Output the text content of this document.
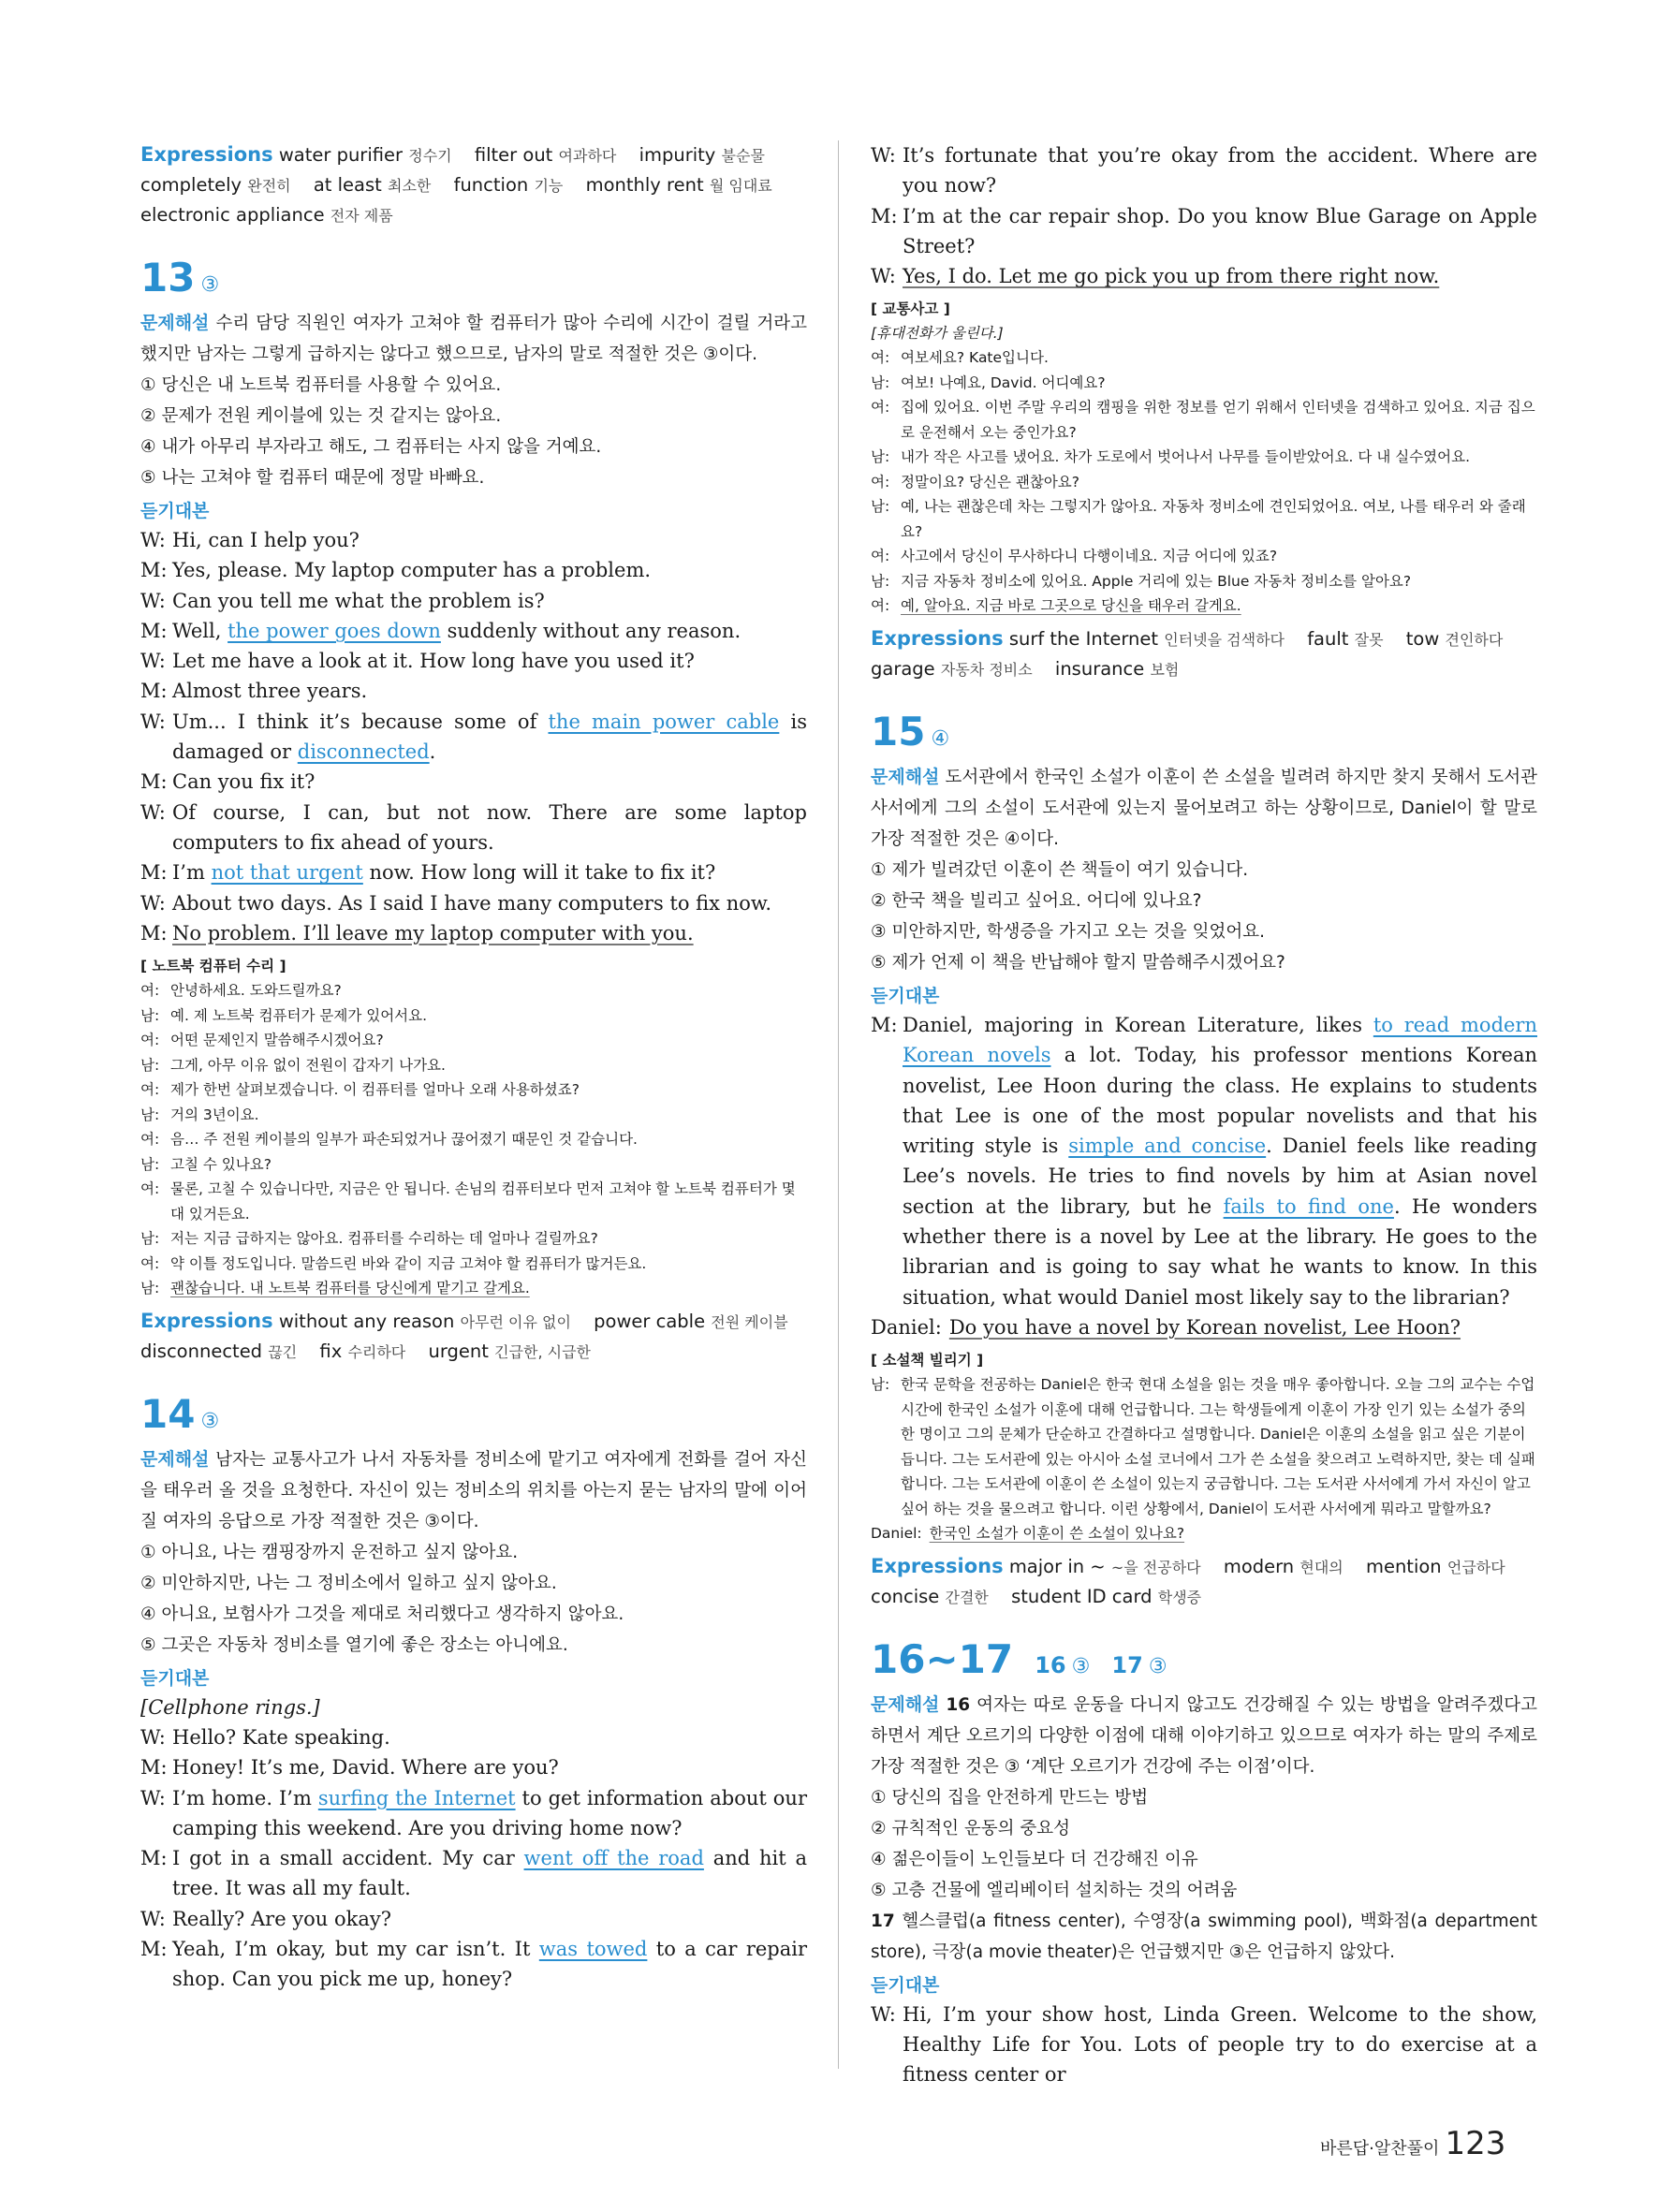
Expressions water purifier 정수기 filter out 여과하다 impurity 불순물 completely 완전히 at least 최소한 function 기능 monthly rent 월 임대료 electronic appliance 전자 제품
13 ③

문제해설 수리 담당 직원인 여자가 고쳐야 할 컴퓨터가 많아 수리에 시간이 걸릴 거라고 했지만 남자는 그렇게 급하지는 않다고 했으므로, 남자의 말로 적절한 것은 ③이다.

① 당신은 내 노트북 컴퓨터를 사용할 수 있어요.

② 문제가 전원 케이블에 있는 것 같지는 않아요.

④ 내가 아무리 부자라고 해도, 그 컴퓨터는 사지 않을 거예요.

⑤ 나는 고쳐야 할 컴퓨터 때문에 정말 바빠요.

듣기대본
W: Hi, can I help you?
M: Yes, please. My laptop computer has a problem.
W: Can you tell me what the problem is?
M: Well, the power goes down suddenly without any reason.
W: Let me have a look at it. How long have you used it?
M: Almost three years.
W: Um... I think it’s because some of the main power cable is damaged or disconnected.
M: Can you fix it?
W: Of course, I can, but not now. There are some laptop computers to fix ahead of yours.
M: I’m not that urgent now. How long will it take to fix it?
W: About two days. As I said I have many computers to fix now.
M: No problem. I’ll leave my laptop computer with you.
[ 노트북 컴퓨터 수리 ]
여: 안녕하세요. 도와드릴까요?
남: 예. 제 노트북 컴퓨터가 문제가 있어서요.
여: 어떤 문제인지 말씀해주시겠어요?
남: 그게, 아무 이유 없이 전원이 갑자기 나가요.
여: 제가 한번 살펴보겠습니다. 이 컴퓨터를 얼마나 오래 사용하셨죠?
남: 거의 3년이요.
여: 음… 주 전원 케이블의 일부가 파손되었거나 끊어졌기 때문인 것 같습니다.
남: 고칠 수 있나요?
여: 물론, 고칠 수 있습니다만, 지금은 안 됩니다. 손님의 컴퓨터보다 먼저 고쳐야 할 노트북 컴퓨터가 몇 대 있거든요.
남: 저는 지금 급하지는 않아요. 컴퓨터를 수리하는 데 얼마나 걸릴까요?
여: 약 이틀 정도입니다. 말씀드린 바와 같이 지금 고쳐야 할 컴퓨터가 많거든요.
남: 괜찮습니다. 내 노트북 컴퓨터를 당신에게 맡기고 갈게요.
Expressions without any reason 아무런 이유 없이 power cable 전원 케이블 disconnected 끊긴 fix 수리하다 urgent 긴급한, 시급한
14 ③

문제해설 남자는 교통사고가 나서 자동차를 정비소에 맡기고 여자에게 전화를 걸어 자신을 태우러 올 것을 요청한다. 자신이 있는 정비소의 위치를 아는지 묻는 남자의 말에 이어질 여자의 응답으로 가장 적절한 것은 ③이다.

① 아니요, 나는 캠핑장까지 운전하고 싶지 않아요.

② 미안하지만, 나는 그 정비소에서 일하고 싶지 않아요.

④ 아니요, 보험사가 그것을 제대로 처리했다고 생각하지 않아요.

⑤ 그곳은 자동차 정비소를 열기에 좋은 장소는 아니에요.

듣기대본
[Cellphone rings.]
W: Hello? Kate speaking.
M: Honey! It’s me, David. Where are you?
W: I’m home. I’m surfing the Internet to get information about our camping this weekend. Are you driving home now?
M: I got in a small accident. My car went off the road and hit a tree. It was all my fault.
W: Really? Are you okay?
M: Yeah, I’m okay, but my car isn’t. It was towed to a car repair shop. Can you pick me up, honey?
W: It’s fortunate that you’re okay from the accident. Where are you now?
M: I’m at the car repair shop. Do you know Blue Garage on Apple Street?
W: Yes, I do. Let me go pick you up from there right now.
[ 교통사고 ]
[휴대전화가 울린다.]
여: 여보세요? Kate입니다.
남: 여보! 나예요, David. 어디예요?
여: 집에 있어요. 이번 주말 우리의 캠핑을 위한 정보를 얻기 위해서 인터넷을 검색하고 있어요. 지금 집으로 운전해서 오는 중인가요?
남: 내가 작은 사고를 냈어요. 차가 도로에서 벗어나서 나무를 들이받았어요. 다 내 실수였어요.
여: 정말이요? 당신은 괜찮아요?
남: 예, 나는 괜찮은데 차는 그렇지가 않아요. 자동차 정비소에 견인되었어요. 여보, 나를 태우러 와 줄래요?
여: 사고에서 당신이 무사하다니 다행이네요. 지금 어디에 있죠?
남: 지금 자동차 정비소에 있어요. Apple 거리에 있는 Blue 자동차 정비소를 알아요?
여: 예, 알아요. 지금 바로 그곳으로 당신을 태우러 갈게요.
Expressions surf the Internet 인터넷을 검색하다 fault 잘못 tow 견인하다 garage 자동차 정비소 insurance 보험
15 ④

문제해설 도서관에서 한국인 소설가 이훈이 쓴 소설을 빌려려 하지만 찾지 못해서 도서관 사서에게 그의 소설이 도서관에 있는지 물어보려고 하는 상황이므로, Daniel이 할 말로 가장 적절한 것은 ④이다.

① 제가 빌려갔던 이훈이 쓴 책들이 여기 있습니다.

② 한국 책을 빌리고 싶어요. 어디에 있나요?

③ 미안하지만, 학생증을 가지고 오는 것을 잊었어요.

⑤ 제가 언제 이 책을 반납해야 할지 말씀해주시겠어요?

듣기대본
M: Daniel, majoring in Korean Literature, likes to read modern Korean novels a lot. Today, his professor mentions Korean novelist, Lee Hoon during the class. He explains to students that Lee is one of the most popular novelists and that his writing style is simple and concise. Daniel feels like reading Lee’s novels. He tries to find novels by him at Asian novel section at the library, but he fails to find one. He wonders whether there is a novel by Lee at the library. He goes to the librarian and is going to say what he wants to know. In this situation, what would Daniel most likely say to the librarian?
Daniel: Do you have a novel by Korean novelist, Lee Hoon?
[ 소설책 빌리기 ]
남: 한국 문학을 전공하는 Daniel은 한국 현대 소설을 읽는 것을 매우 좋아합니다. 오늘 그의 교수는 수업 시간에 한국인 소설가 이훈에 대해 언급합니다. 그는 학생들에게 이훈이 가장 인기 있는 소설가 중의 한 명이고 그의 문체가 단순하고 간결하다고 설명합니다. Daniel은 이훈의 소설을 읽고 싶은 기분이 듭니다. 그는 도서관에 있는 아시아 소설 코너에서 그가 쓴 소설을 찾으려고 노력하지만, 찾는 데 실패합니다. 그는 도서관에 이훈이 쓴 소설이 있는지 궁금합니다. 그는 도서관 사서에게 가서 자신이 알고 싶어 하는 것을 물으려고 합니다. 이런 상황에서, Daniel이 도서관 사서에게 뭐라고 말할까요?
Daniel: 한국인 소설가 이훈이 쓴 소설이 있나요?
Expressions major in ~ ~을 전공하다 modern 현대의 mention 언급하다 concise 간결한 student ID card 학생증
16~17 16 ③ 17 ③

문제해설 16 여자는 따로 운동을 다니지 않고도 건강해질 수 있는 방법을 알려주겠다고 하면서 계단 오르기의 다양한 이점에 대해 이야기하고 있으므로 여자가 하는 말의 주제로 가장 적절한 것은 ③ ‘계단 오르기가 건강에 주는 이점’이다.

① 당신의 집을 안전하게 만드는 방법

② 규칙적인 운동의 중요성

④ 젊은이들이 노인들보다 더 건강해진 이유

⑤ 고층 건물에 엘리베이터 설치하는 것의 어려움

17 헬스클럽(a fitness center), 수영장(a swimming pool), 백화점(a department store), 극장(a movie theater)은 언급했지만 ③은 언급하지 않았다.

듣기대본
W: Hi, I’m your show host, Linda Green. Welcome to the show, Healthy Life for You. Lots of people try to do exercise at a fitness center or
바른답·알찬풀이 123
